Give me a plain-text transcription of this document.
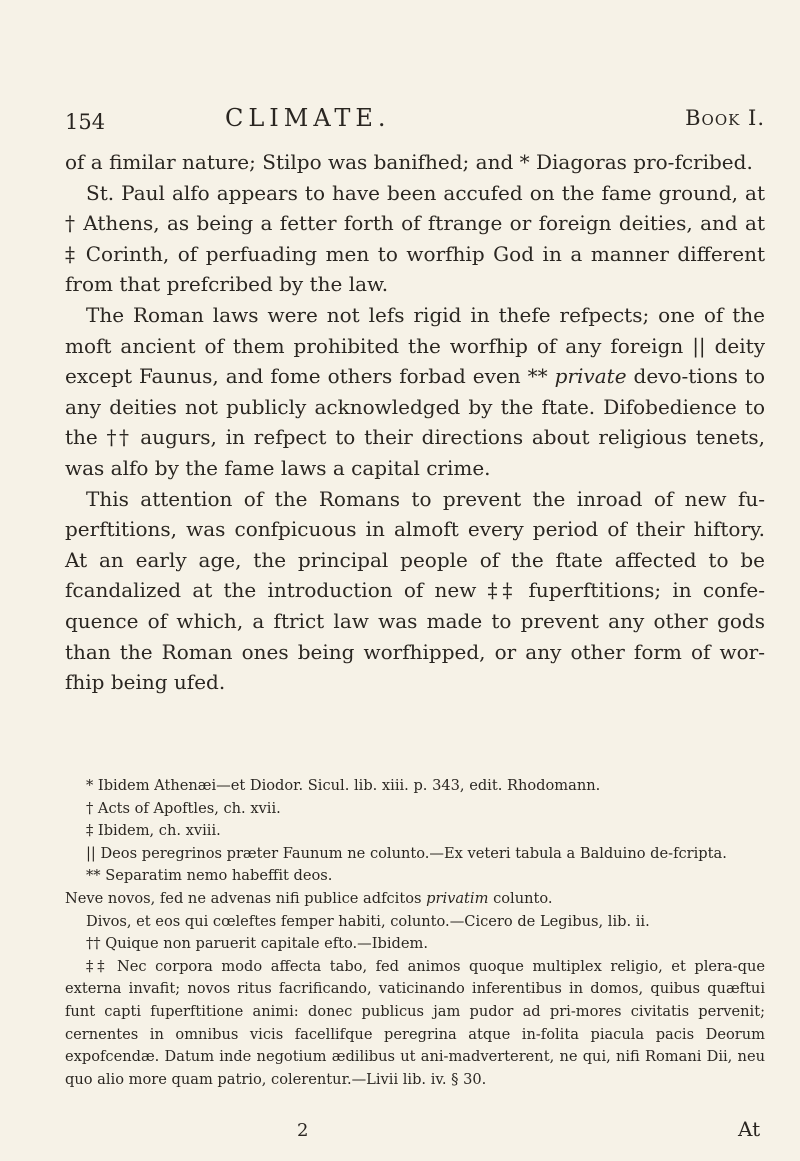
154	CLIMATE.	Book I.

of a fimilar nature; Stilpo was banifhed; and * Diagoras pro-fcribed.

St. Paul alfo appears to have been accufed on the fame ground, at † Athens, as being a fetter forth of ftrange or foreign deities, and at ‡ Corinth, of perfuading men to worfhip God in a manner different from that prefcribed by the law.

The Roman laws were not lefs rigid in thefe refpects; one of the moft ancient of them prohibited the worfhip of any foreign || deity except Faunus, and fome others forbad even ** private devo-tions to any deities not publicly acknowledged by the ftate. Difobedience to the †† augurs, in refpect to their directions about religious tenets, was alfo by the fame laws a capital crime.

This attention of the Romans to prevent the inroad of new fu-perftitions, was confpicuous in almoft every period of their hiftory. At an early age, the principal people of the ftate affected to be fcandalized at the introduction of new ‡‡ fuperftitions; in confe-quence of which, a ftrict law was made to prevent any other gods than the Roman ones being worfhipped, or any other form of wor-fhip being ufed.

* Ibidem Athenæi—et Diodor. Sicul. lib. xiii. p. 343, edit. Rhodomann.

† Acts of Apoftles, ch. xvii.

‡ Ibidem, ch. xviii.

|| Deos peregrinos præter Faunum ne colunto.—Ex veteri tabula a Balduino de-fcripta.

** Separatim nemo habeffit deos.

Neve novos, fed ne advenas nifi publice adfcitos privatim colunto.

Divos, et eos qui cœleftes femper habiti, colunto.—Cicero de Legibus, lib. ii.

†† Quique non paruerit capitale efto.—Ibidem.

‡‡ Nec corpora modo affecta tabo, fed animos quoque multiplex religio, et plera-que externa invafit; novos ritus facrificando, vaticinando inferentibus in domos, quibus quæftui funt capti fuperftitione animi: donec publicus jam pudor ad pri-mores civitatis pervenit; cernentes in omnibus vicis facellifque peregrina atque in-folita piacula pacis Deorum expofcendæ. Datum inde negotium ædilibus ut ani-madverterent, ne qui, nifi Romani Dii, neu quo alio more quam patrio, colerentur.—Livii lib. iv. § 30.

2	At
